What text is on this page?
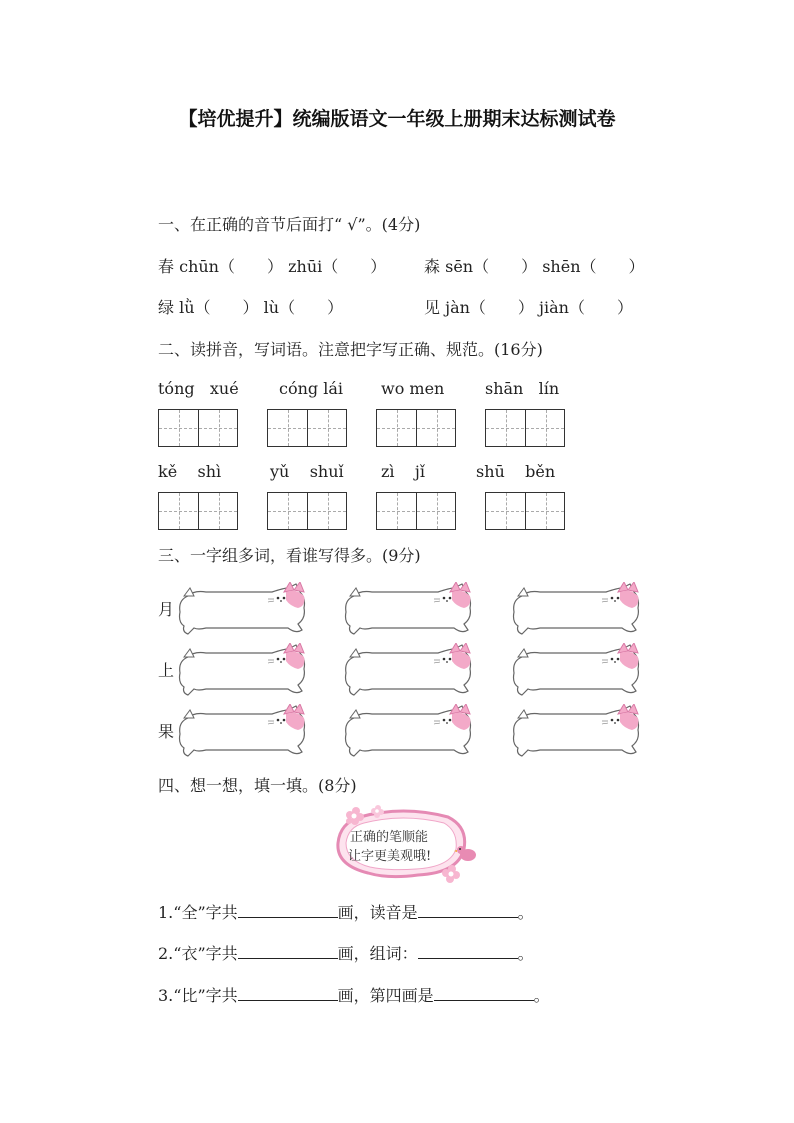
【培优提升】统编版语文一年级上册期末达标测试卷
一、在正确的音节后面打“ √”。(4分)
春 chūn（ ） zhūi（ ） 森 sēn（ ） shēn（ ）
绿 lǜ（ ） lù（ ）	见 jàn（ ） jiàn（ ）
二、读拼音，写词语。注意把字写正确、规范。(16分)
tóng   xué	cóng lái wo men	shān   lín
kě    shì	yǔ    shuǐ zì    jǐ	shū    běn
三、一字组多词，看谁写得多。(9分)
月
上
果
四、想一想，填一填。(8分)
正确的笔顺能
让字更美观哦!
1.“全”字共	画，读音是	。
2.“衣”字共	画，组词：	。
3.“比”字共	画，第四画是	。
